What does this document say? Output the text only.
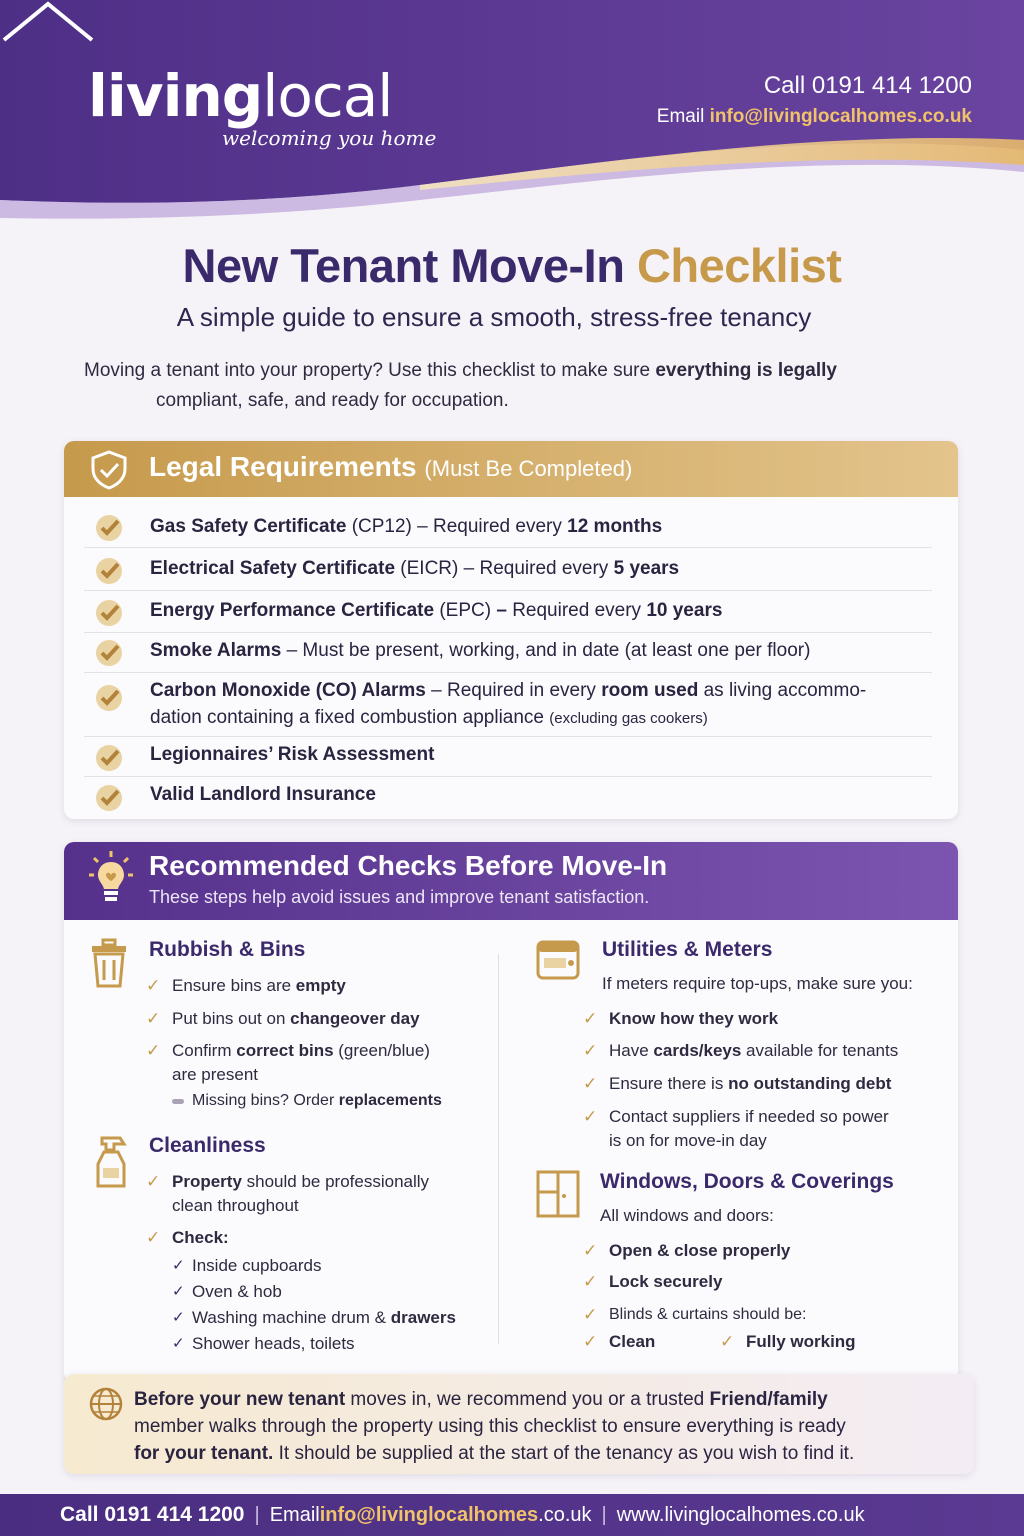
livinglocal
welcoming you home
Call 0191 414 1200
Email info@livinglocalhomes.co.uk
New Tenant Move-In Checklist
A simple guide to ensure a smooth, stress-free tenancy
Moving a tenant into your property? Use this checklist to make sure everything is legally
compliant, safe, and ready for occupation.
Legal Requirements (Must Be Completed)
Gas Safety Certificate (CP12) – Required every 12 months
Electrical Safety Certificate (EICR) – Required every 5 years
Energy Performance Certificate (EPC) – Required every 10 years
Smoke Alarms – Must be present, working, and in date (at least one per floor)
Carbon Monoxide (CO) Alarms – Required in every room used as living accommo-
dation containing a fixed combustion appliance (excluding gas cookers)
Legionnaires’ Risk Assessment
Valid Landlord Insurance
Recommended Checks Before Move-In
These steps help avoid issues and improve tenant satisfaction.
Rubbish & Bins
✓ Ensure bins are empty
✓ Put bins out on changeover day
✓ Confirm correct bins (green/blue)
are present
Missing bins? Order replacements
Cleanliness
✓ Property should be professionally
clean throughout
✓ Check:
✓ Inside cupboards
✓ Oven & hob
✓ Washing machine drum & drawers
✓ Shower heads, toilets
Utilities & Meters
If meters require top-ups, make sure you:
✓ Know how they work
✓ Have cards/keys available for tenants
✓ Ensure there is no outstanding debt
✓ Contact suppliers if needed so power
is on for move-in day
Windows, Doors & Coverings
All windows and doors:
✓ Open & close properly
✓ Lock securely
✓ Blinds & curtains should be:
✓ Clean	✓ Fully working
Before your new tenant moves in, we recommend you or a trusted Friend/family
member walks through the property using this checklist to ensure everything is ready
for your tenant. It should be supplied at the start of the tenancy as you wish to find it.
Call 0191 414 1200 | Email info@livinglocalhomes.co.uk | www.livinglocalhomes.co.uk
